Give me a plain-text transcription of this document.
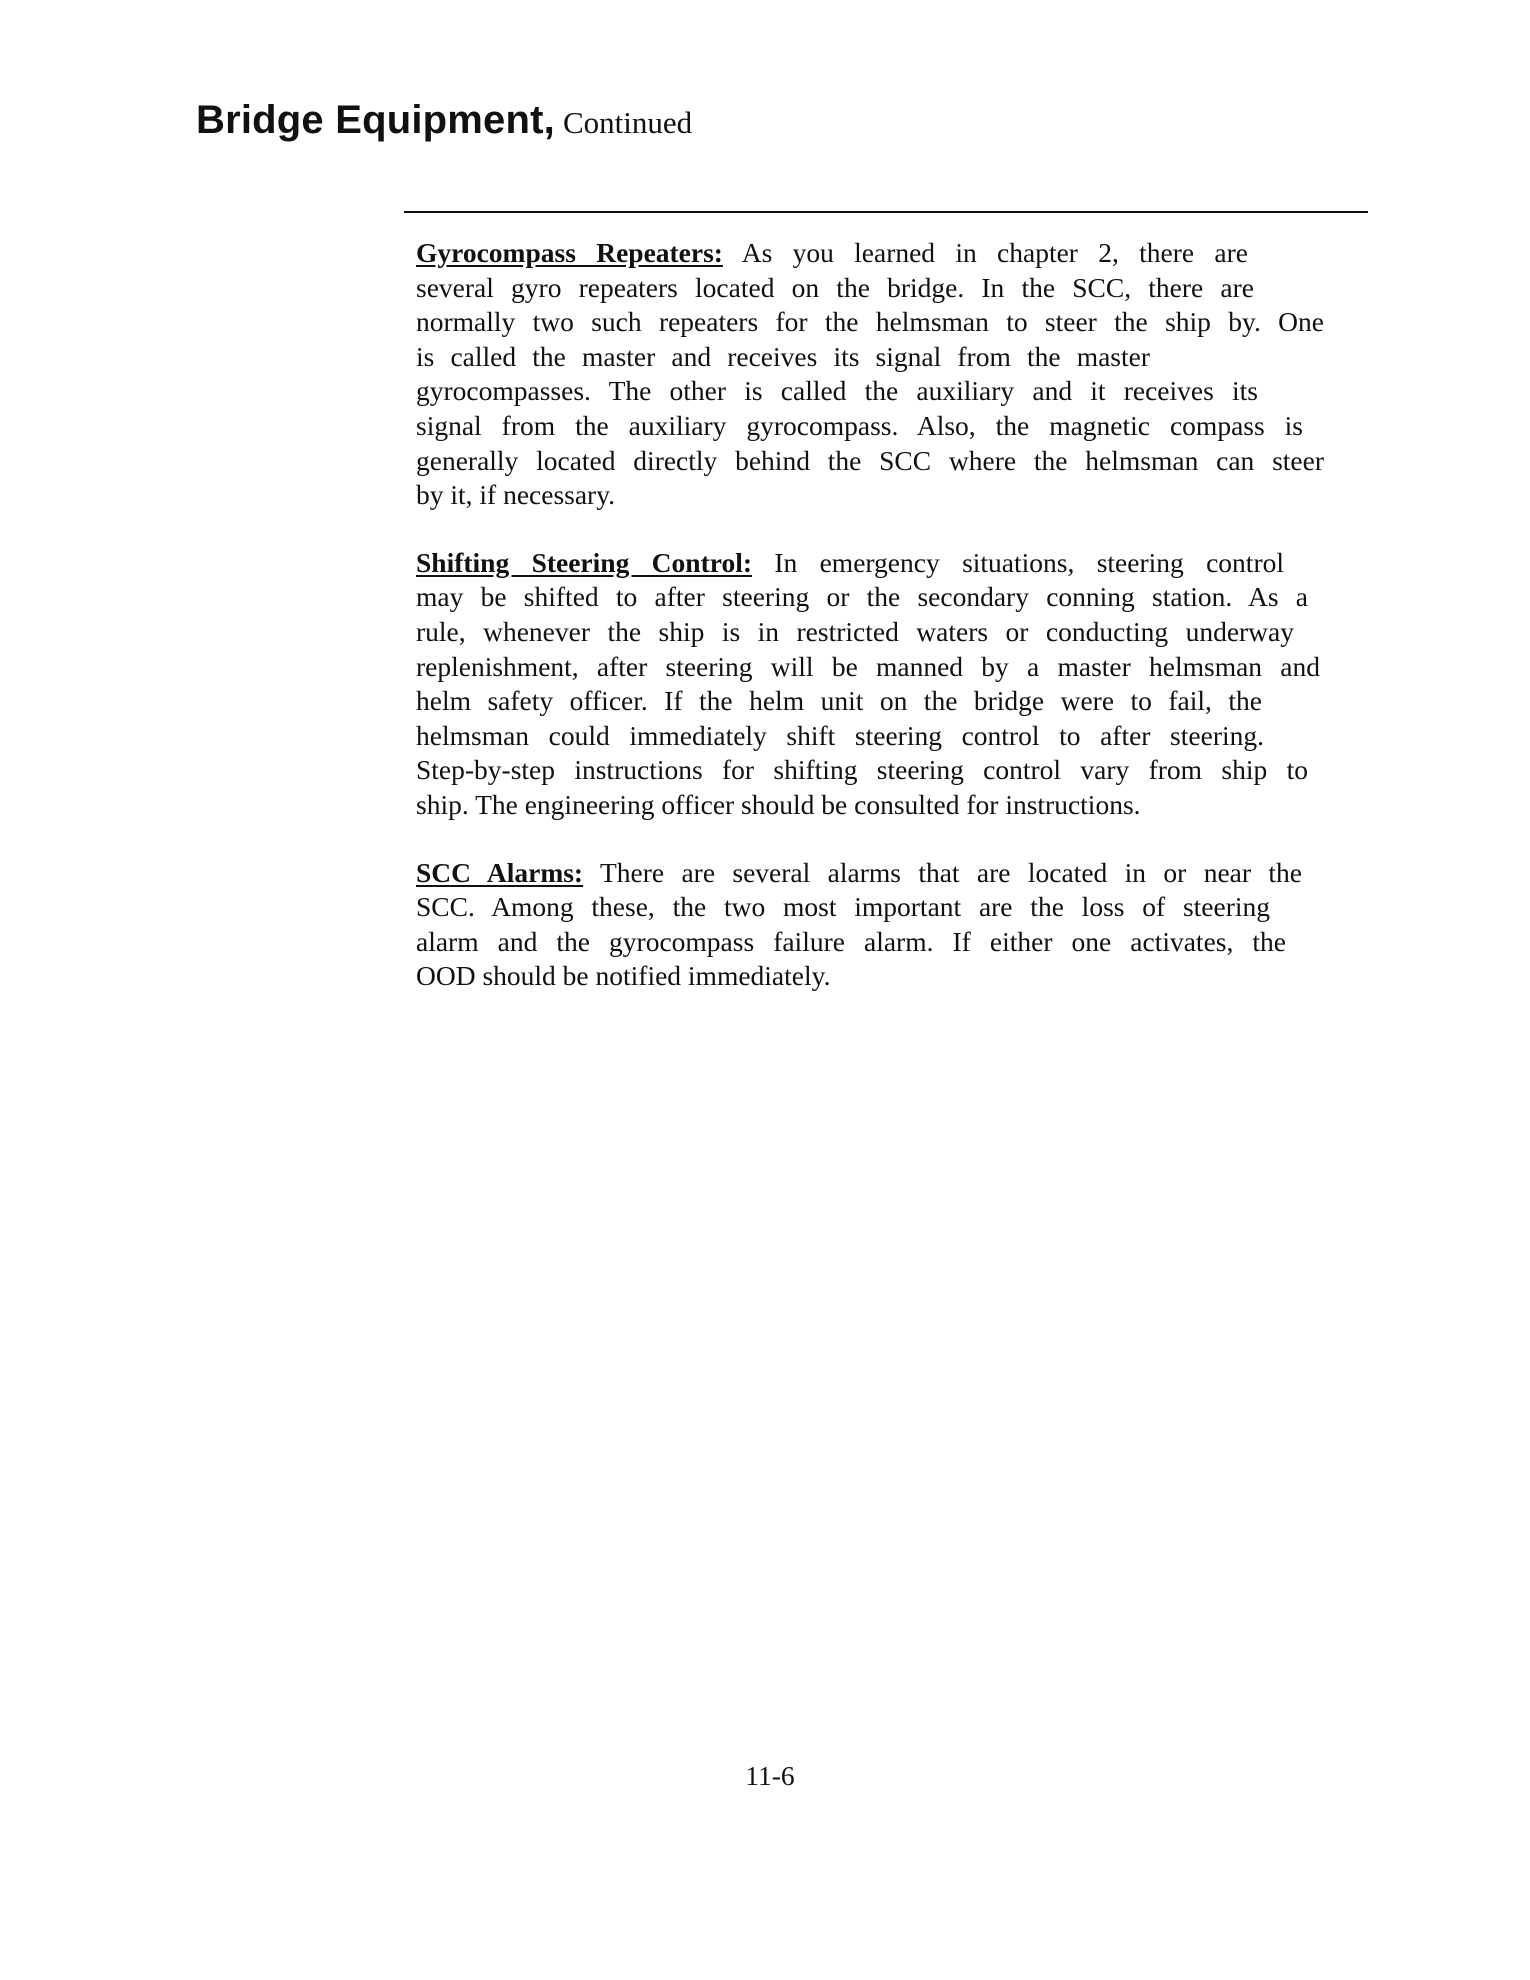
Bridge Equipment, Continued
Gyrocompass Repeaters: As you learned in chapter 2, there are
several gyro repeaters located on the bridge. In the SCC, there are
normally two such repeaters for the helmsman to steer the ship by. One
is called the master and receives its signal from the master
gyrocompasses. The other is called the auxiliary and it receives its
signal from the auxiliary gyrocompass. Also, the magnetic compass is
generally located directly behind the SCC where the helmsman can steer
by it, if necessary.
Shifting Steering Control: In emergency situations, steering control
may be shifted to after steering or the secondary conning station. As a
rule, whenever the ship is in restricted waters or conducting underway
replenishment, after steering will be manned by a master helmsman and
helm safety officer. If the helm unit on the bridge were to fail, the
helmsman could immediately shift steering control to after steering.
Step-by-step instructions for shifting steering control vary from ship to
ship. The engineering officer should be consulted for instructions.
SCC Alarms: There are several alarms that are located in or near the
SCC. Among these, the two most important are the loss of steering
alarm and the gyrocompass failure alarm. If either one activates, the
OOD should be notified immediately.
11-6
